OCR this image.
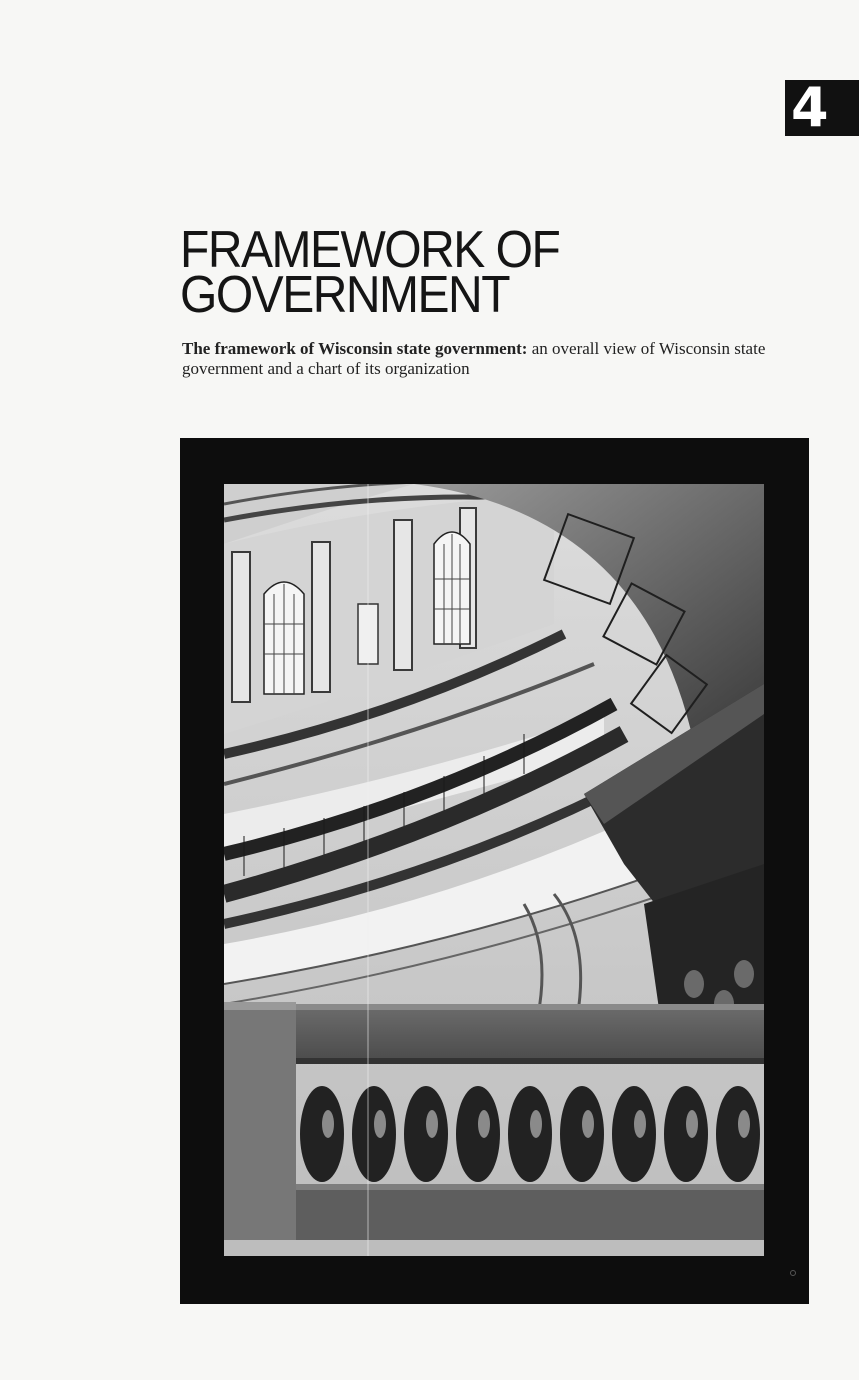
4
FRAMEWORK OF
GOVERNMENT

The framework of Wisconsin state government: an overall view of Wisconsin state government and a chart of its organization
